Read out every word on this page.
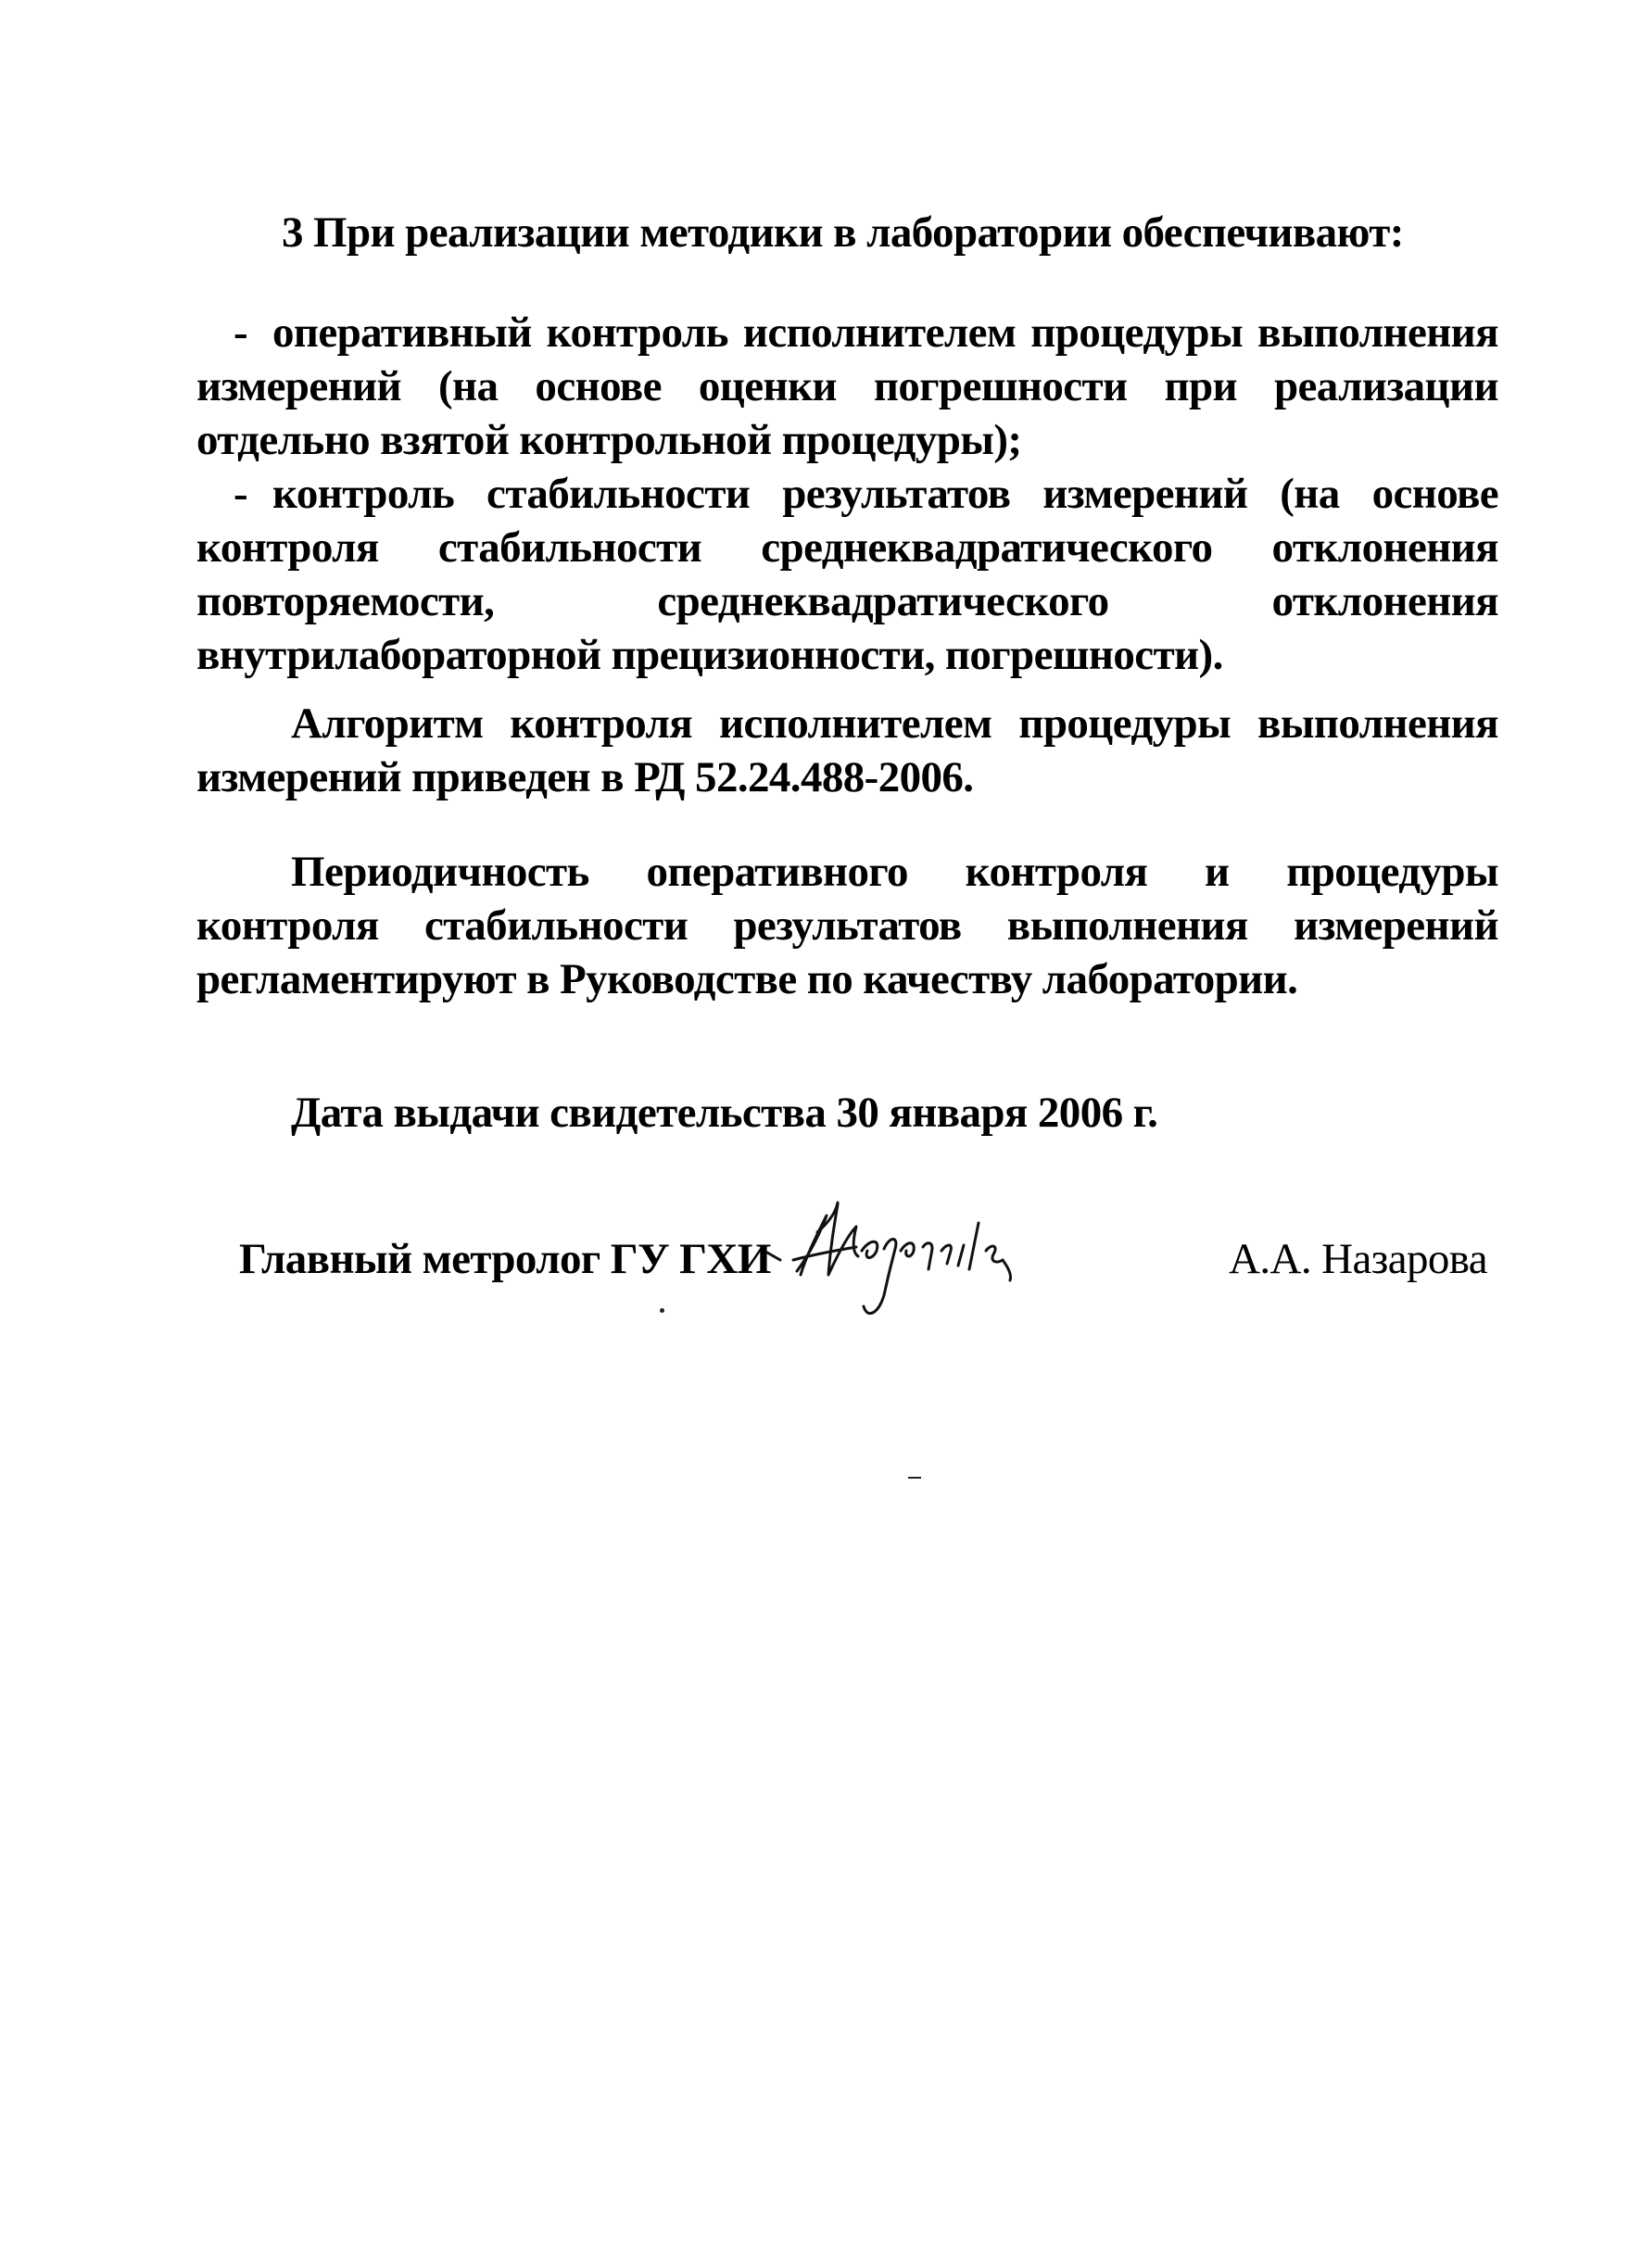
3 При реализации методики в лаборатории обеспечивают:
- оперативный контроль исполнителем процедуры выполнения измерений (на основе оценки погрешности при реализации отдельно взятой контрольной процедуры);
- контроль стабильности результатов измерений (на основе контроля стабильности среднеквадратического отклонения повторяемости, среднеквадратического отклонения внутрилабораторной прецизионности, погрешности).

Алгоритм контроля исполнителем процедуры выполнения измерений приведен в РД 52.24.488-2006.

Периодичность оперативного контроля и процедуры контроля стабильности результатов выполнения измерений регламентируют в Руководстве по качеству лаборатории.

Дата выдачи свидетельства 30 января 2006 г.
Главный метролог ГУ ГХИ	А.А. Назарова
